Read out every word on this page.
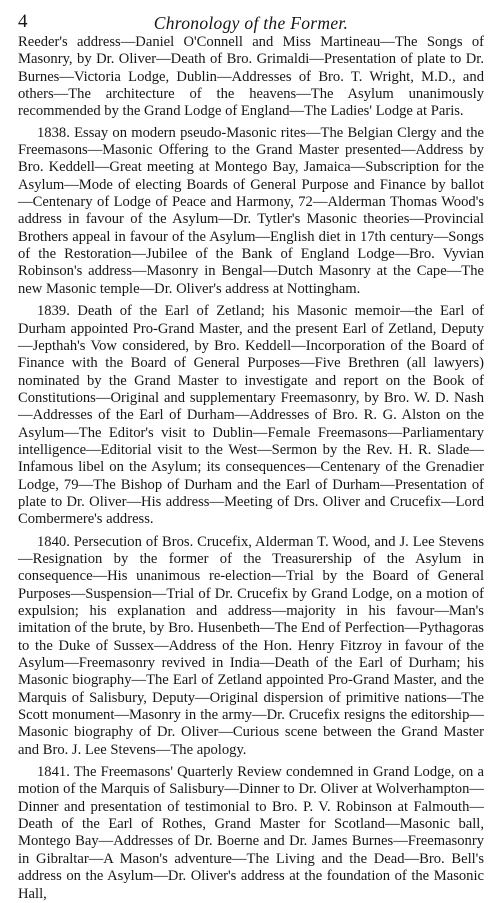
4	Chronology of the Former.

Reeder's address—Daniel O'Connell and Miss Martineau—The Songs of Masonry, by Dr. Oliver—Death of Bro. Grimaldi—Presentation of plate to Dr. Burnes—Victoria Lodge, Dublin—Addresses of Bro. T. Wright, M.D., and others—The architecture of the heavens—The Asylum unanimously recommended by the Grand Lodge of England—The Ladies' Lodge at Paris.

1838. Essay on modern pseudo-Masonic rites—The Belgian Clergy and the Freemasons—Masonic Offering to the Grand Master presented—Address by Bro. Keddell—Great meeting at Montego Bay, Jamaica—Subscription for the Asylum—Mode of electing Boards of General Purpose and Finance by ballot—Centenary of Lodge of Peace and Harmony, 72—Alderman Thomas Wood's address in favour of the Asylum—Dr. Tytler's Masonic theories—Provincial Brothers appeal in favour of the Asylum—English diet in 17th century—Songs of the Restoration—Jubilee of the Bank of England Lodge—Bro. Vyvian Robinson's address—Masonry in Bengal—Dutch Masonry at the Cape—The new Masonic temple—Dr. Oliver's address at Nottingham.

1839. Death of the Earl of Zetland; his Masonic memoir—the Earl of Durham appointed Pro-Grand Master, and the present Earl of Zetland, Deputy—Jepthah's Vow considered, by Bro. Keddell—Incorporation of the Board of Finance with the Board of General Purposes—Five Brethren (all lawyers) nominated by the Grand Master to investigate and report on the Book of Constitutions—Original and supplementary Freemasonry, by Bro. W. D. Nash—Addresses of the Earl of Durham—Addresses of Bro. R. G. Alston on the Asylum—The Editor's visit to Dublin—Female Freemasons—Parliamentary intelligence—Editorial visit to the West—Sermon by the Rev. H. R. Slade—Infamous libel on the Asylum; its consequences—Centenary of the Grenadier Lodge, 79—The Bishop of Durham and the Earl of Durham—Presentation of plate to Dr. Oliver—His address—Meeting of Drs. Oliver and Crucefix—Lord Combermere's address.

1840. Persecution of Bros. Crucefix, Alderman T. Wood, and J. Lee Stevens—Resignation by the former of the Treasurership of the Asylum in consequence—His unanimous re-election—Trial by the Board of General Purposes—Suspension—Trial of Dr. Crucefix by Grand Lodge, on a motion of expulsion; his explanation and address—majority in his favour—Man's imitation of the brute, by Bro. Husenbeth—The End of Perfection—Pythagoras to the Duke of Sussex—Address of the Hon. Henry Fitzroy in favour of the Asylum—Freemasonry revived in India—Death of the Earl of Durham; his Masonic biography—The Earl of Zetland appointed Pro-Grand Master, and the Marquis of Salisbury, Deputy—Original dispersion of primitive nations—The Scott monument—Masonry in the army—Dr. Crucefix resigns the editorship—Masonic biography of Dr. Oliver—Curious scene between the Grand Master and Bro. J. Lee Stevens—The apology.

1841. The Freemasons' Quarterly Review condemned in Grand Lodge, on a motion of the Marquis of Salisbury—Dinner to Dr. Oliver at Wolverhampton—Dinner and presentation of testimonial to Bro. P. V. Robinson at Falmouth—Death of the Earl of Rothes, Grand Master for Scotland—Masonic ball, Montego Bay—Addresses of Dr. Boerne and Dr. James Burnes—Freemasonry in Gibraltar—A Mason's adventure—The Living and the Dead—Bro. Bell's address on the Asylum—Dr. Oliver's address at the foundation of the Masonic Hall,
